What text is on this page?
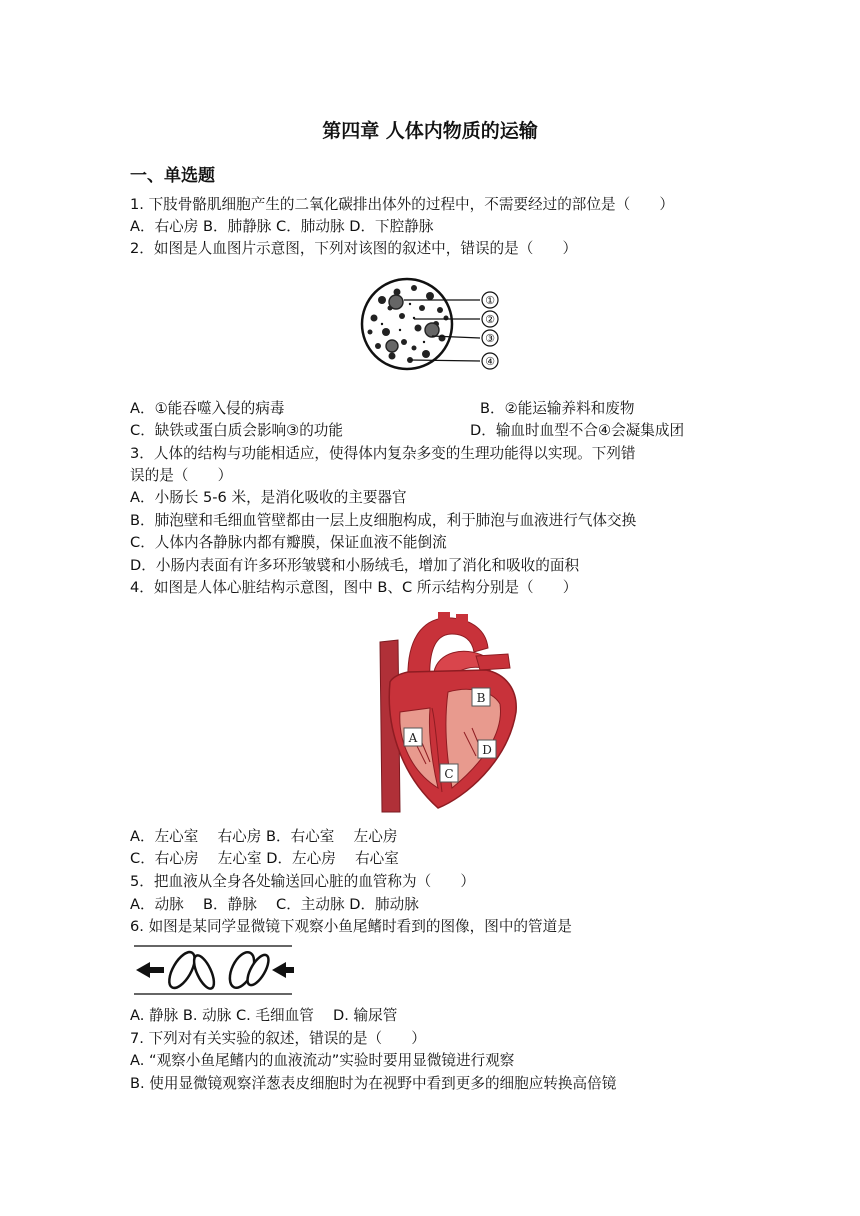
第四章 人体内物质的运输
一、单选题
1. 下肢骨骼肌细胞产生的二氧化碳排出体外的过程中，不需要经过的部位是（　　）
A．右心房 B．肺静脉 C．肺动脉 D．下腔静脉
2．如图是人血图片示意图，下列对该图的叙述中，错误的是（　　）
①
②
③
④
A．①能吞噬入侵的病毒	B．②能运输养料和废物
C．缺铁或蛋白质会影响③的功能	D．输血时血型不合④会凝集成团
3．人体的结构与功能相适应，使得体内复杂多变的生理功能得以实现。下列错
误的是（　　）
A．小肠长 5-6 米，是消化吸收的主要器官
B．肺泡壁和毛细血管壁都由一层上皮细胞构成，利于肺泡与血液进行气体交换
C．人体内各静脉内都有瓣膜，保证血液不能倒流
D．小肠内表面有许多环形皱襞和小肠绒毛，增加了消化和吸收的面积
4．如图是人体心脏结构示意图，图中 B、C 所示结构分别是（　　）
A
B
C
D
A．左心室　 右心房 B．右心室　 左心房
C．右心房　 左心室 D．左心房　 右心室
5．把血液从全身各处输送回心脏的血管称为（　　）
A．动脉　 B．静脉　 C．主动脉 D．肺动脉
6. 如图是某同学显微镜下观察小鱼尾鳍时看到的图像，图中的管道是
A. 静脉 B. 动脉 C. 毛细血管　 D. 输尿管
7. 下列对有关实验的叙述，错误的是（　　）
A. “观察小鱼尾鳍内的血液流动”实验时要用显微镜进行观察
B. 使用显微镜观察洋葱表皮细胞时为在视野中看到更多的细胞应转换高倍镜
